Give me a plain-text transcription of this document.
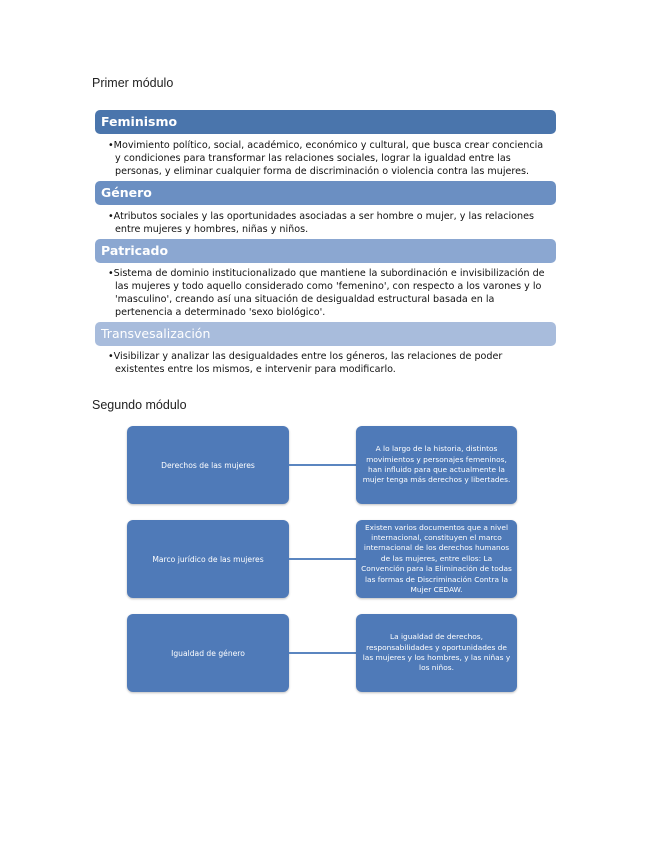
Primer módulo
Feminismo

• Movimiento político, social, académico, económico y cultural, que busca crear conciencia y condiciones para transformar las relaciones sociales, lograr la igualdad entre las personas, y eliminar cualquier forma de discriminación o violencia contra las mujeres.

Género

• Atributos sociales y las oportunidades asociadas a ser hombre o mujer, y las relaciones entre mujeres y hombres, niñas y niños.

Patricado

• Sistema de dominio institucionalizado que mantiene la subordinación e invisibilización de las mujeres y todo aquello considerado como 'femenino', con respecto a los varones y lo 'masculino', creando así una situación de desigualdad estructural basada en la pertenencia a determinado 'sexo biológico'.

Transvesalización

• Visibilizar y analizar las desigualdades entre los géneros, las relaciones de poder existentes entre los mismos, e intervenir para modificarlo.

Segundo módulo
Derechos de las mujeres
A lo largo de la historia, distintos movimientos y personajes femeninos, han influido para que actualmente la mujer tenga más derechos y libertades.
Marco jurídico de las mujeres
Existen varios documentos que a nivel internacional, constituyen el marco internacional de los derechos humanos de las mujeres, entre ellos: La Convención para la Eliminación de todas las formas de Discriminación Contra la Mujer CEDAW.
Igualdad de género
La igualdad de derechos, responsabilidades y oportunidades de las mujeres y los hombres, y las niñas y los niños.
